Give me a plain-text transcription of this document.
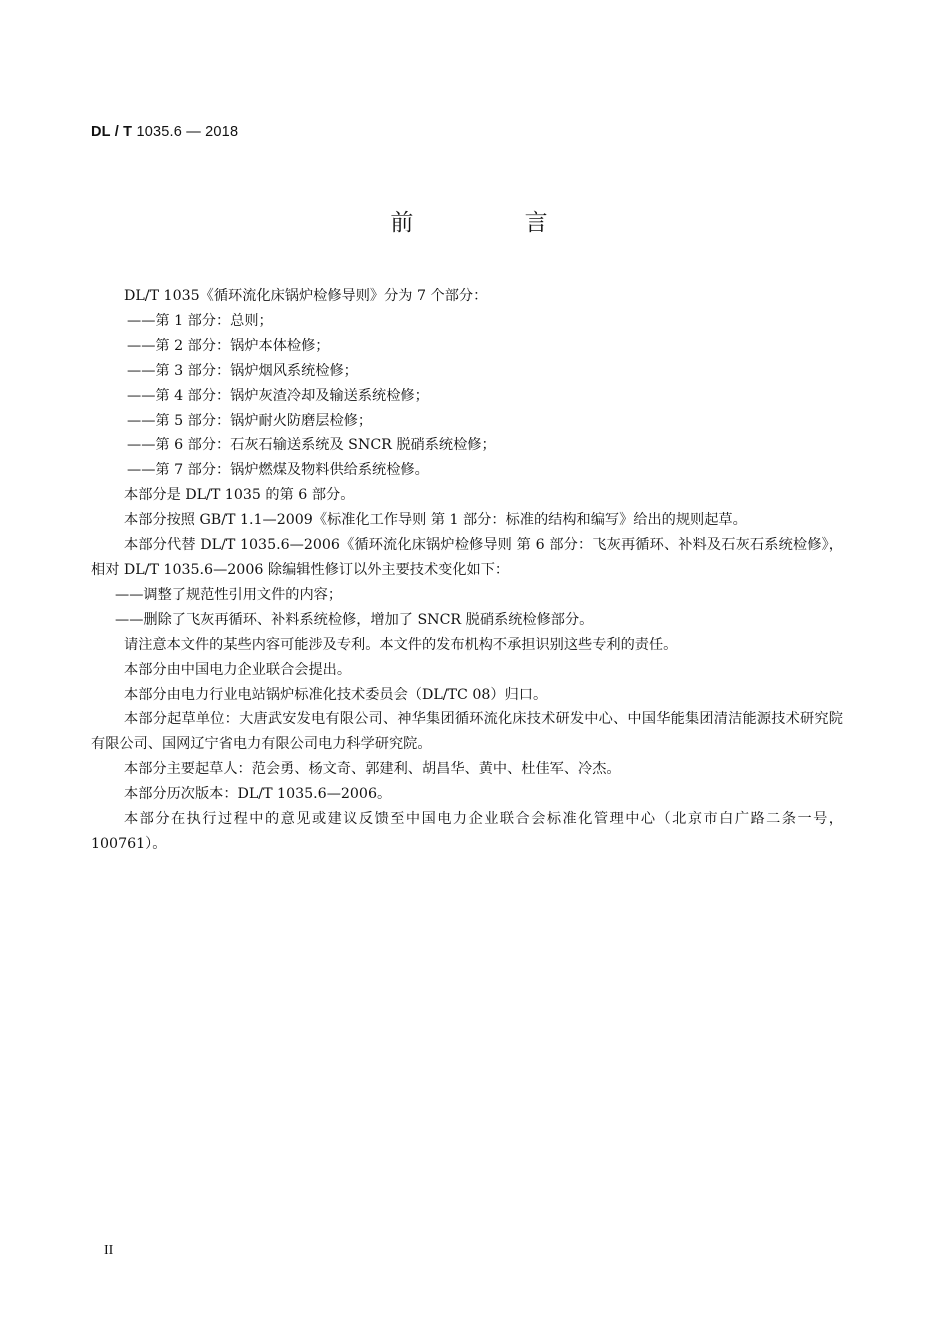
DL / T 1035.6 — 2018
前 言

DL/T 1035《循环流化床锅炉检修导则》分为 7 个部分：

——第 1 部分：总则；

——第 2 部分：锅炉本体检修；

——第 3 部分：锅炉烟风系统检修；

——第 4 部分：锅炉灰渣冷却及输送系统检修；

——第 5 部分：锅炉耐火防磨层检修；

——第 6 部分：石灰石输送系统及 SNCR 脱硝系统检修；

——第 7 部分：锅炉燃煤及物料供给系统检修。

本部分是 DL/T 1035 的第 6 部分。

本部分按照 GB/T 1.1—2009《标准化工作导则 第 1 部分：标准的结构和编写》给出的规则起草。

本部分代替 DL/T 1035.6—2006《循环流化床锅炉检修导则 第 6 部分：飞灰再循环、补料及石灰石系统检修》，相对 DL/T 1035.6—2006 除编辑性修订以外主要技术变化如下：

——调整了规范性引用文件的内容；

——删除了飞灰再循环、补料系统检修，增加了 SNCR 脱硝系统检修部分。

请注意本文件的某些内容可能涉及专利。本文件的发布机构不承担识别这些专利的责任。

本部分由中国电力企业联合会提出。

本部分由电力行业电站锅炉标准化技术委员会（DL/TC 08）归口。

本部分起草单位：大唐武安发电有限公司、神华集团循环流化床技术研发中心、中国华能集团清洁能源技术研究院有限公司、国网辽宁省电力有限公司电力科学研究院。

本部分主要起草人：范会勇、杨文奇、郭建利、胡昌华、黄中、杜佳军、冷杰。

本部分历次版本：DL/T 1035.6—2006。

本部分在执行过程中的意见或建议反馈至中国电力企业联合会标准化管理中心（北京市白广路二条一号，100761）。

II
